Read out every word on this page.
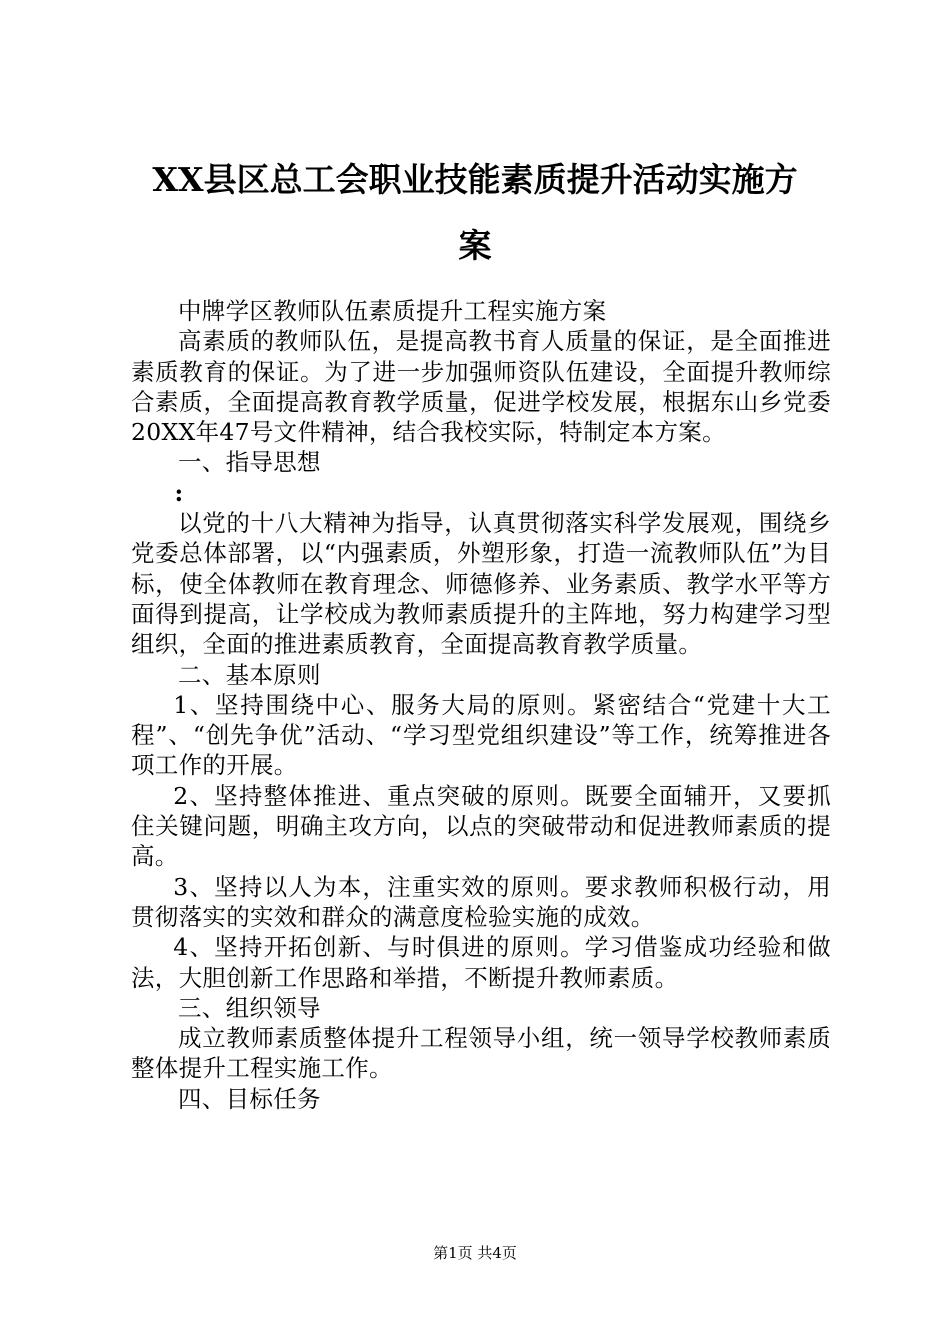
XX县区总工会职业技能素质提升活动实施方
案

中牌学区教师队伍素质提升工程实施方案

高素质的教师队伍，是提高教书育人质量的保证，是全面推进素质教育的保证。为了进一步加强师资队伍建设，全面提升教师综合素质，全面提高教育教学质量，促进学校发展，根据东山乡党委20XX年47号文件精神，结合我校实际，特制定本方案。

一、指导思想

:

以党的十八大精神为指导，认真贯彻落实科学发展观，围绕乡党委总体部署，以“内强素质，外塑形象，打造一流教师队伍”为目标，使全体教师在教育理念、师德修养、业务素质、教学水平等方面得到提高，让学校成为教师素质提升的主阵地，努力构建学习型组织，全面的推进素质教育，全面提高教育教学质量。

二、基本原则

1、坚持围绕中心、服务大局的原则。紧密结合“党建十大工程”、“创先争优”活动、“学习型党组织建设”等工作，统筹推进各项工作的开展。

2、坚持整体推进、重点突破的原则。既要全面辅开，又要抓住关键问题，明确主攻方向，以点的突破带动和促进教师素质的提高。

3、坚持以人为本，注重实效的原则。要求教师积极行动，用贯彻落实的实效和群众的满意度检验实施的成效。

4、坚持开拓创新、与时俱进的原则。学习借鉴成功经验和做法，大胆创新工作思路和举措，不断提升教师素质。

三、组织领导

成立教师素质整体提升工程领导小组，统一领导学校教师素质整体提升工程实施工作。

四、目标任务

第1页 共4页
